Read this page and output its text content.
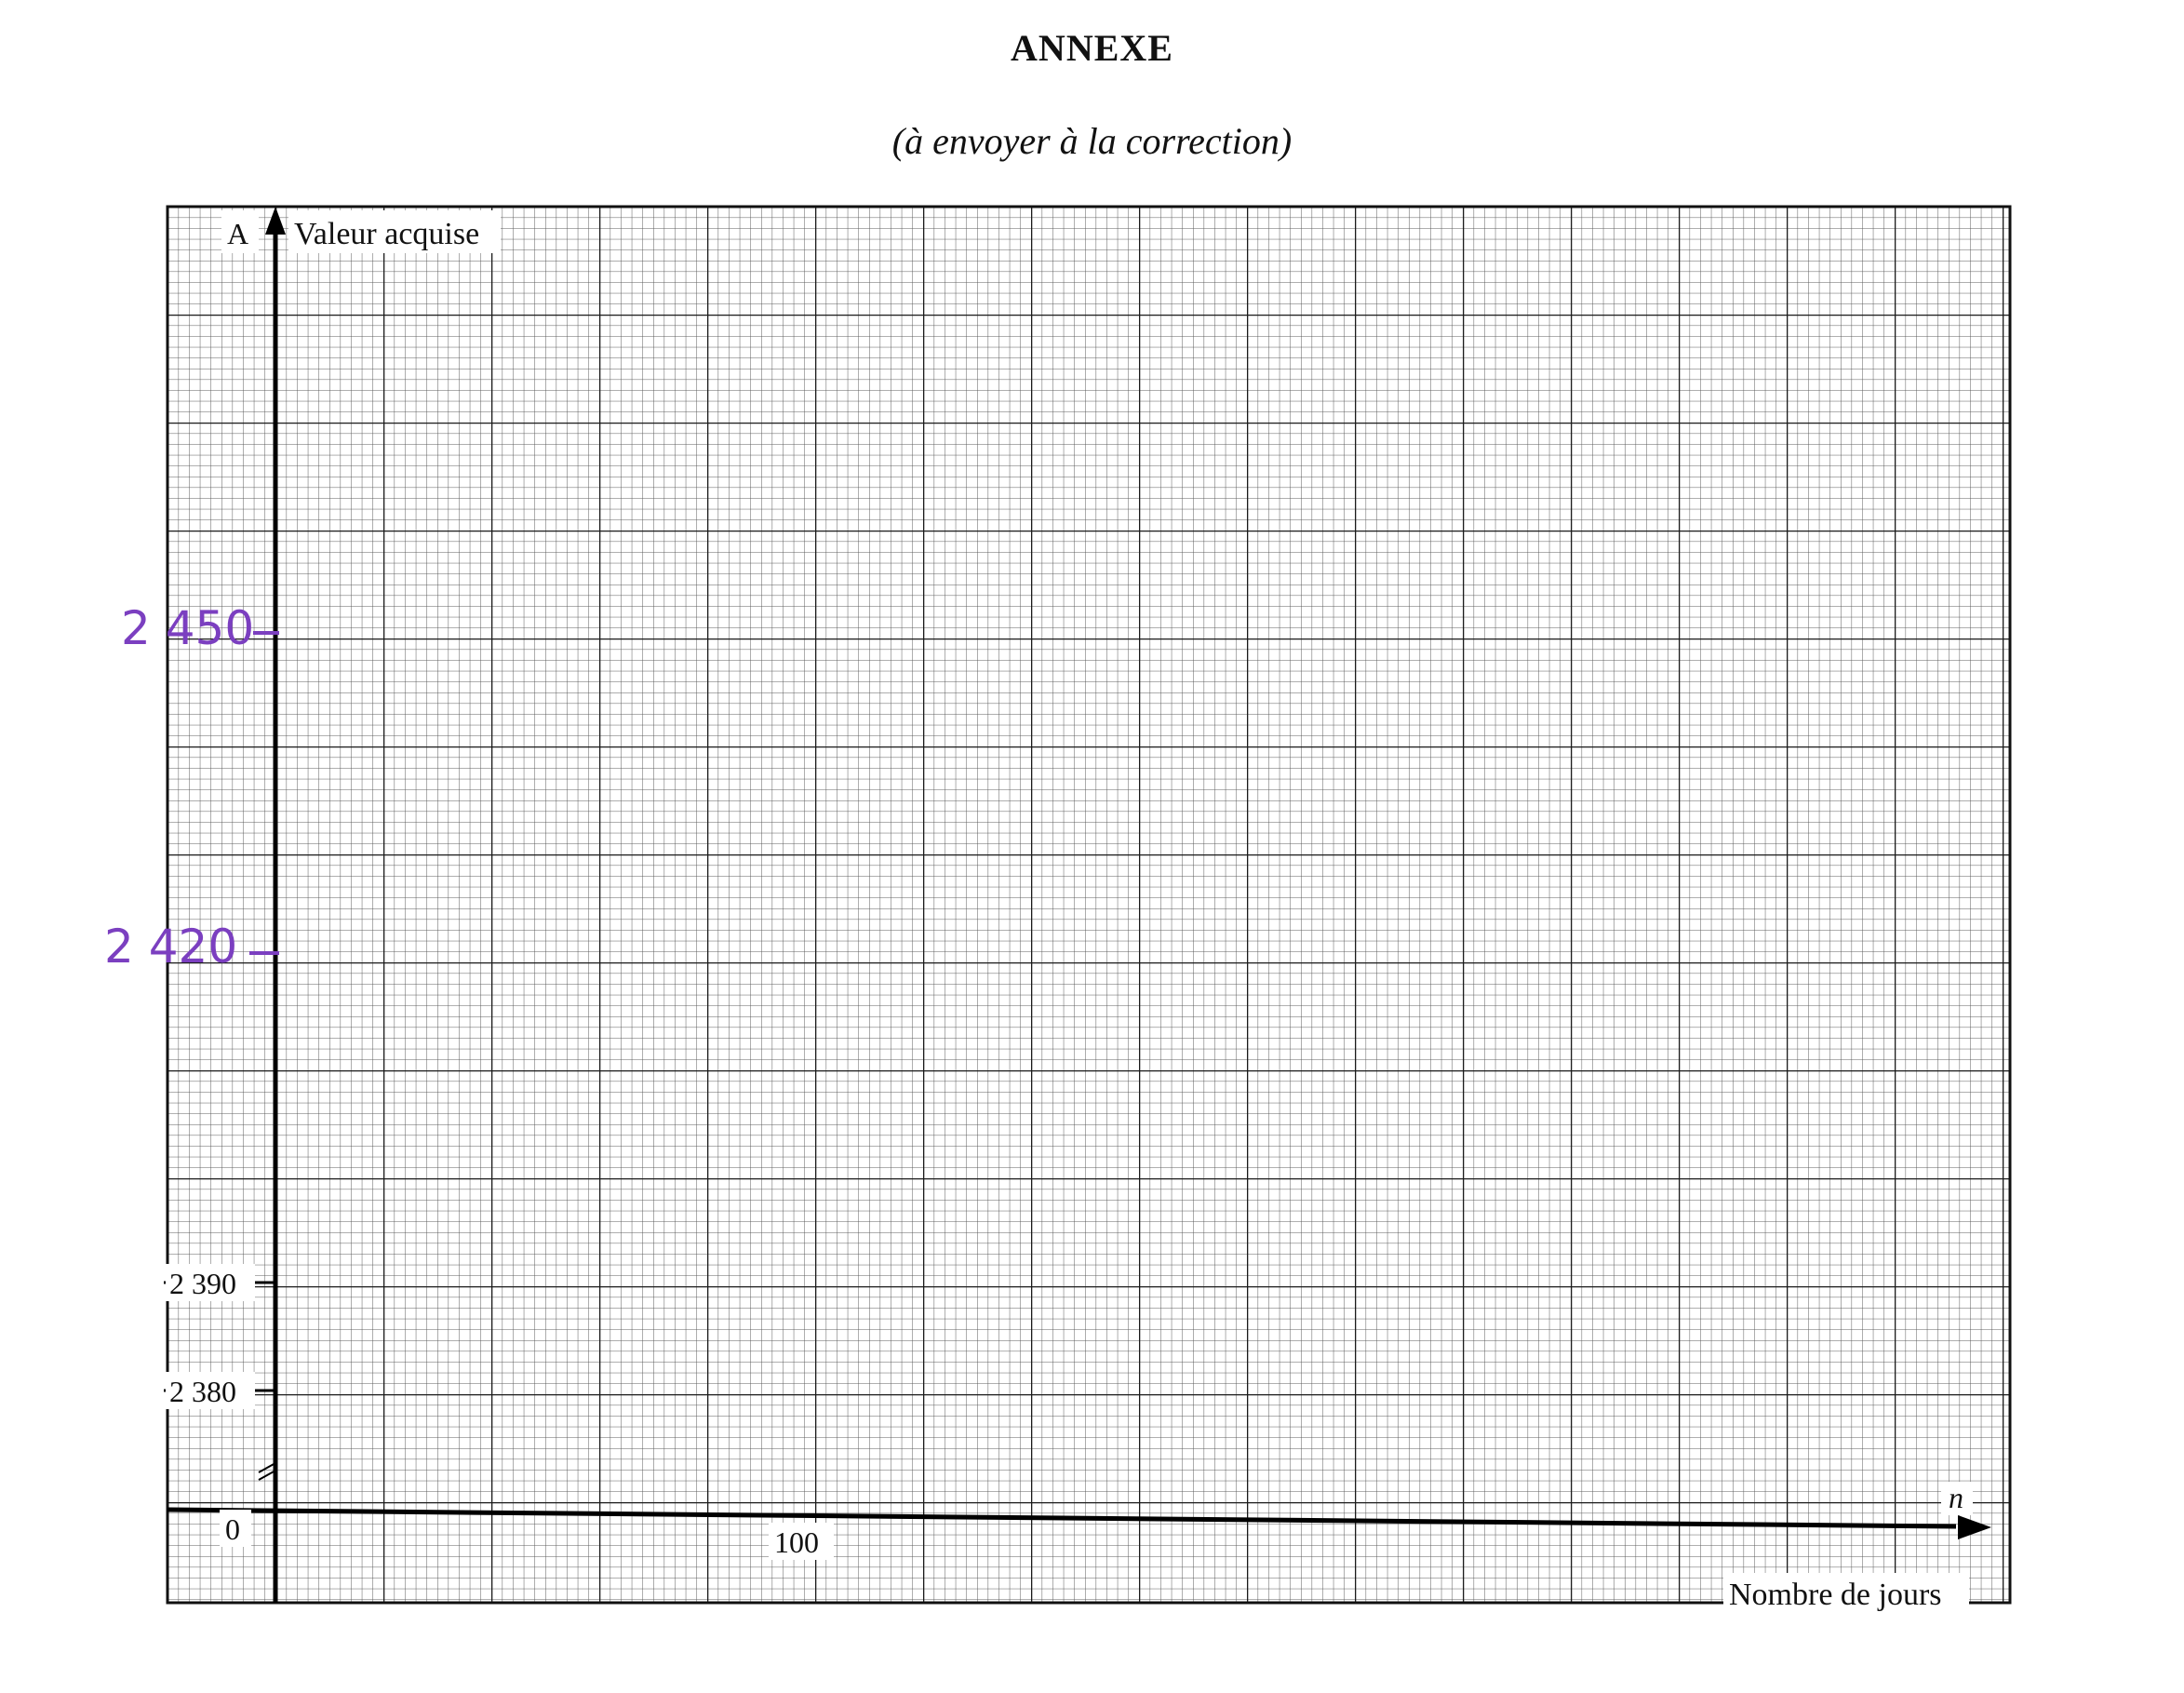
ANNEXE
(à envoyer à la correction)
A Valeur acquise
2 390
2 380
0	100
n
Nombre de jours
2 450
2 420
